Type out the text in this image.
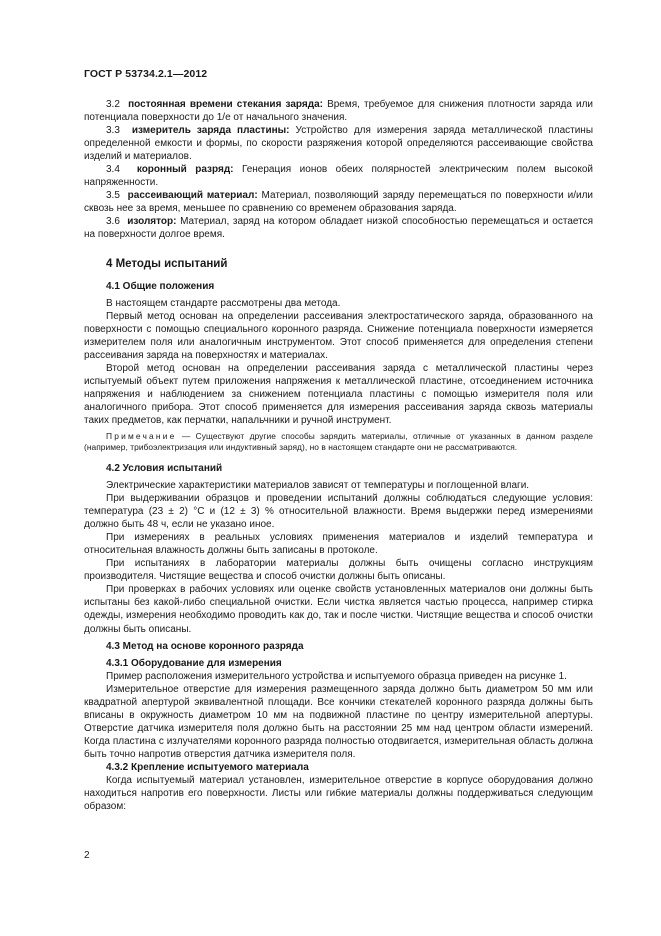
ГОСТ Р 53734.2.1—2012

3.2 постоянная времени стекания заряда: Время, требуемое для снижения плотности заряда или потенциала поверхности до 1/е от начального значения.

3.3 измеритель заряда пластины: Устройство для измерения заряда металлической пластины определенной емкости и формы, по скорости разряжения которой определяются рассеивающие свойства изделий и материалов.

3.4 коронный разряд: Генерация ионов обеих полярностей электрическим полем высокой напряженности.

3.5 рассеивающий материал: Материал, позволяющий заряду перемещаться по поверхности и/или сквозь нее за время, меньшее по сравнению со временем образования заряда.

3.6 изолятор: Материал, заряд на котором обладает низкой способностью перемещаться и остается на поверхности долгое время.

4 Методы испытаний
4.1 Общие положения

В настоящем стандарте рассмотрены два метода.

Первый метод основан на определении рассеивания электростатического заряда, образованного на поверхности с помощью специального коронного разряда. Снижение потенциала поверхности измеряется измерителем поля или аналогичным инструментом. Этот способ применяется для определения степени рассеивания заряда на поверхностях и материалах.

Второй метод основан на определении рассеивания заряда с металлической пластины через испытуемый объект путем приложения напряжения к металлической пластине, отсоединением источника напряжения и наблюдением за снижением потенциала пластины с помощью измерителя поля или аналогичного прибора. Этот способ применяется для измерения рассеивания заряда сквозь материалы таких предметов, как перчатки, напальчники и ручной инструмент.

Примечание — Существуют другие способы зарядить материалы, отличные от указанных в данном разделе (например, трибоэлектризация или индуктивный заряд), но в настоящем стандарте они не рассматриваются.

4.2 Условия испытаний

Электрические характеристики материалов зависят от температуры и поглощенной влаги.

При выдерживании образцов и проведении испытаний должны соблюдаться следующие условия: температура (23 ± 2) °С и (12 ± 3) % относительной влажности. Время выдержки перед измерениями должно быть 48 ч, если не указано иное.

При измерениях в реальных условиях применения материалов и изделий температура и относительная влажность должны быть записаны в протоколе.

При испытаниях в лаборатории материалы должны быть очищены согласно инструкциям производителя. Чистящие вещества и способ очистки должны быть описаны.

При проверках в рабочих условиях или оценке свойств установленных материалов они должны быть испытаны без какой-либо специальной очистки. Если чистка является частью процесса, например стирка одежды, измерения необходимо проводить как до, так и после чистки. Чистящие вещества и способ очистки должны быть описаны.

4.3 Метод на основе коронного разряда
4.3.1 Оборудование для измерения

Пример расположения измерительного устройства и испытуемого образца приведен на рисунке 1.

Измерительное отверстие для измерения размещенного заряда должно быть диаметром 50 мм или квадратной апертурой эквивалентной площади. Все кончики стекателей коронного разряда должны быть вписаны в окружность диаметром 10 мм на подвижной пластине по центру измерительной апертуры. Отверстие датчика измерителя поля должно быть на расстоянии 25 мм над центром области измерений. Когда пластина с излучателями коронного разряда полностью отодвигается, измерительная область должна быть точно напротив отверстия датчика измерителя поля.

4.3.2 Крепление испытуемого материала

Когда испытуемый материал установлен, измерительное отверстие в корпусе оборудования должно находиться напротив его поверхности. Листы или гибкие материалы должны поддерживаться следующим образом:

2
